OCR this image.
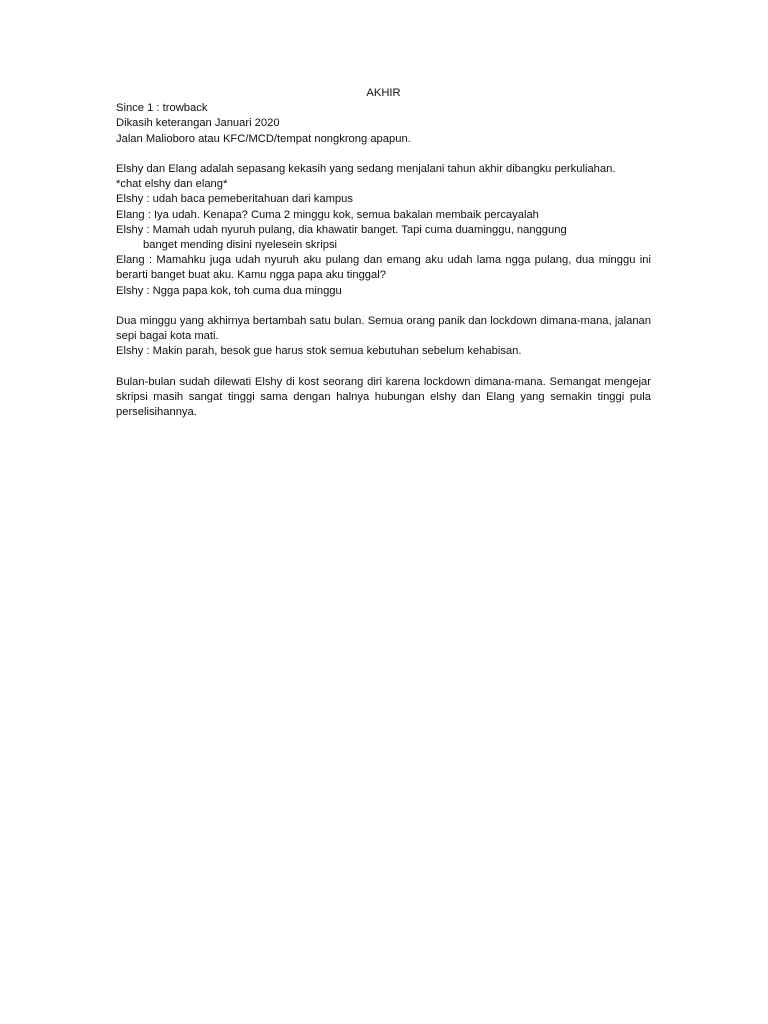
AKHIR

Since 1 : trowback

Dikasih keterangan Januari 2020

Jalan Malioboro atau KFC/MCD/tempat nongkrong apapun.

Elshy dan Elang adalah sepasang kekasih yang sedang menjalani tahun akhir dibangku perkuliahan.

*chat elshy dan elang*

Elshy : udah baca pemeberitahuan dari kampus

Elang : Iya udah. Kenapa? Cuma 2 minggu kok, semua bakalan membaik percayalah

Elshy : Mamah udah nyuruh pulang, dia khawatir banget. Tapi cuma duaminggu, nanggung

banget mending disini nyelesein skripsi

Elang : Mamahku juga udah nyuruh aku pulang dan emang aku udah lama ngga pulang, dua minggu ini berarti banget buat aku. Kamu ngga papa aku tinggal?

Elshy : Ngga papa kok, toh cuma dua minggu

Dua minggu yang akhirnya bertambah satu bulan. Semua orang panik dan lockdown dimana-mana, jalanan sepi bagai kota mati.

Elshy : Makin parah, besok gue harus stok semua kebutuhan sebelum kehabisan.

Bulan-bulan sudah dilewati Elshy di kost seorang diri karena lockdown dimana-mana. Semangat mengejar skripsi masih sangat tinggi sama dengan halnya hubungan elshy dan Elang yang semakin tinggi pula perselisihannya.
